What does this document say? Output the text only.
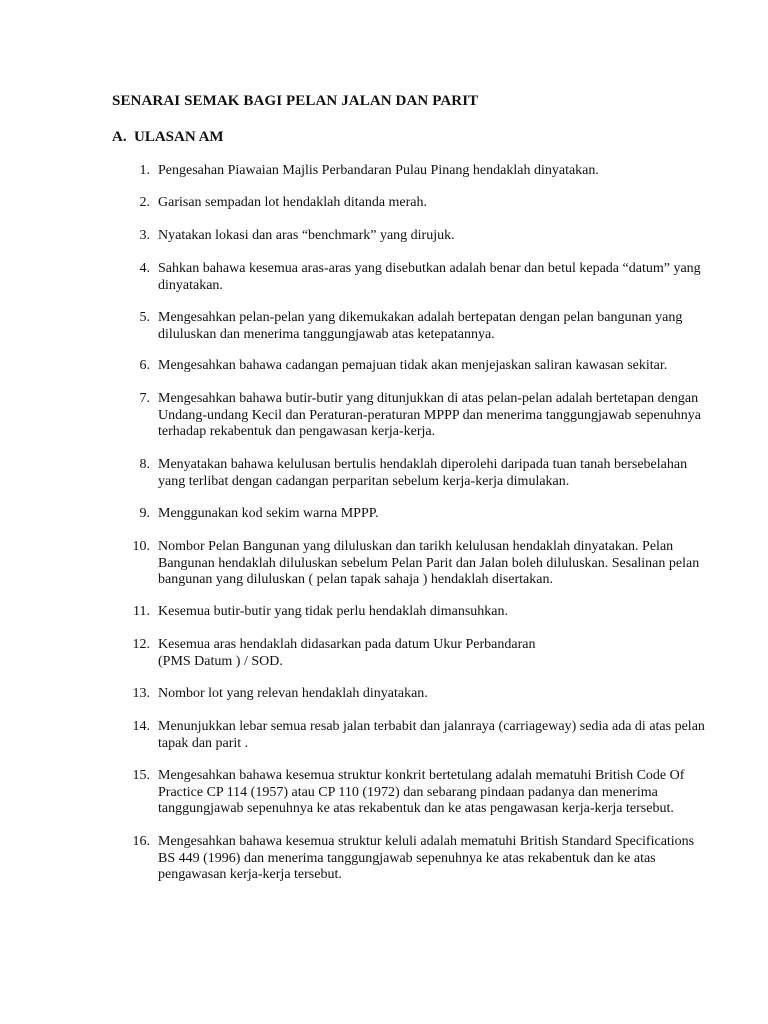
SENARAI SEMAK BAGI PELAN JALAN DAN PARIT
A. ULASAN AM
1. Pengesahan Piawaian Majlis Perbandaran Pulau Pinang hendaklah dinyatakan.
2. Garisan sempadan lot hendaklah ditanda merah.
3. Nyatakan lokasi dan aras “benchmark” yang dirujuk.
4. Sahkan bahawa kesemua aras-aras yang disebutkan adalah benar dan betul kepada “datum” yang dinyatakan.
5. Mengesahkan pelan-pelan yang dikemukakan adalah bertepatan dengan pelan bangunan yang diluluskan dan menerima tanggungjawab atas ketepatannya.
6. Mengesahkan bahawa cadangan pemajuan tidak akan menjejaskan saliran kawasan sekitar.
7. Mengesahkan bahawa butir-butir yang ditunjukkan di atas pelan-pelan adalah bertetapan dengan Undang-undang Kecil dan Peraturan-peraturan MPPP dan menerima tanggungjawab sepenuhnya terhadap rekabentuk dan pengawasan kerja-kerja.
8. Menyatakan bahawa kelulusan bertulis hendaklah diperolehi daripada tuan tanah bersebelahan yang terlibat dengan cadangan perparitan sebelum kerja-kerja dimulakan.
9. Menggunakan kod sekim warna MPPP.
10. Nombor Pelan Bangunan yang diluluskan dan tarikh kelulusan hendaklah dinyatakan. Pelan Bangunan hendaklah diluluskan sebelum Pelan Parit dan Jalan boleh diluluskan. Sesalinan pelan bangunan yang diluluskan ( pelan tapak sahaja ) hendaklah disertakan.
11. Kesemua butir-butir yang tidak perlu hendaklah dimansuhkan.
12. Kesemua aras hendaklah didasarkan pada datum Ukur Perbandaran
(PMS Datum ) / SOD.
13. Nombor lot yang relevan hendaklah dinyatakan.
14. Menunjukkan lebar semua resab jalan terbabit dan jalanraya (carriageway) sedia ada di atas pelan tapak dan parit .
15. Mengesahkan bahawa kesemua struktur konkrit bertetulang adalah mematuhi British Code Of Practice CP 114 (1957) atau CP 110 (1972) dan sebarang pindaan padanya dan menerima tanggungjawab sepenuhnya ke atas rekabentuk dan ke atas pengawasan kerja-kerja tersebut.
16. Mengesahkan bahawa kesemua struktur keluli adalah mematuhi British Standard Specifications BS 449 (1996) dan menerima tanggungjawab sepenuhnya ke atas rekabentuk dan ke atas pengawasan kerja-kerja tersebut.
